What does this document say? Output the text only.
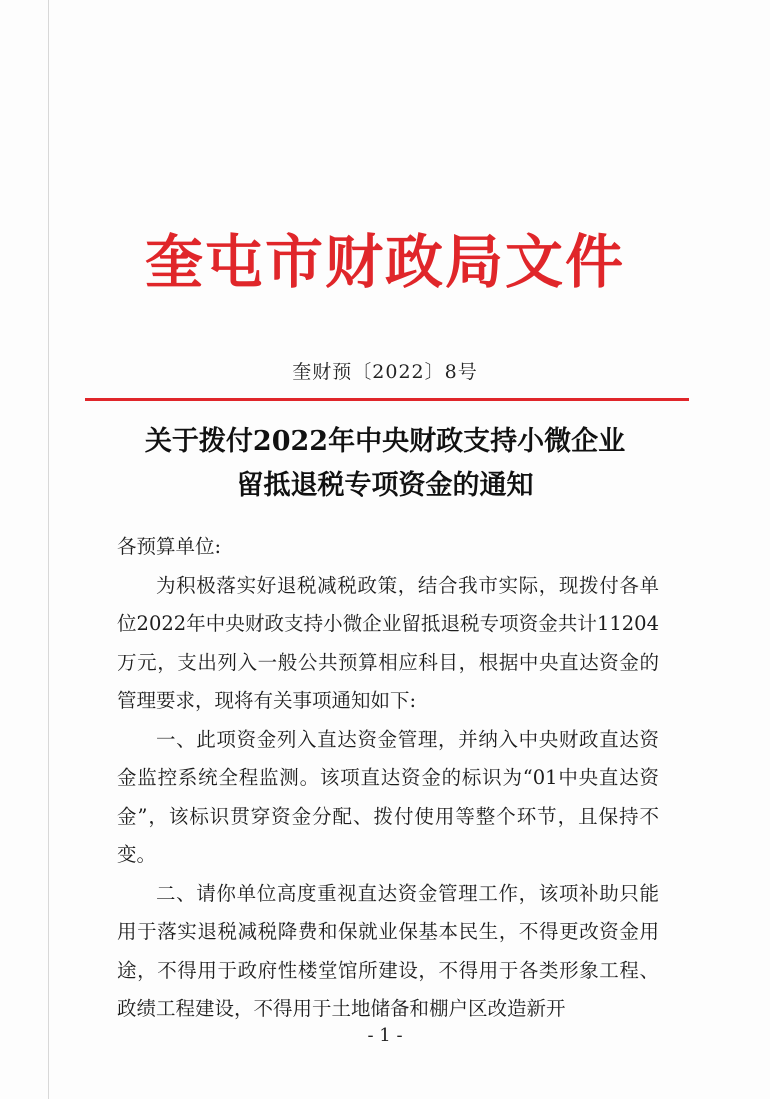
奎屯市财政局文件
奎财预〔2022〕8号
关于拨付2022年中央财政支持小微企业
留抵退税专项资金的通知

各预算单位:

为积极落实好退税减税政策，结合我市实际，现拨付各单位2022年中央财政支持小微企业留抵退税专项资金共计11204万元，支出列入一般公共预算相应科目，根据中央直达资金的管理要求，现将有关事项通知如下:

一、此项资金列入直达资金管理，并纳入中央财政直达资金监控系统全程监测。该项直达资金的标识为“01中央直达资金”，该标识贯穿资金分配、拨付使用等整个环节，且保持不变。

二、请你单位高度重视直达资金管理工作，该项补助只能用于落实退税减税降费和保就业保基本民生，不得更改资金用途，不得用于政府性楼堂馆所建设，不得用于各类形象工程、政绩工程建设，不得用于土地储备和棚户区改造新开

- 1 -
